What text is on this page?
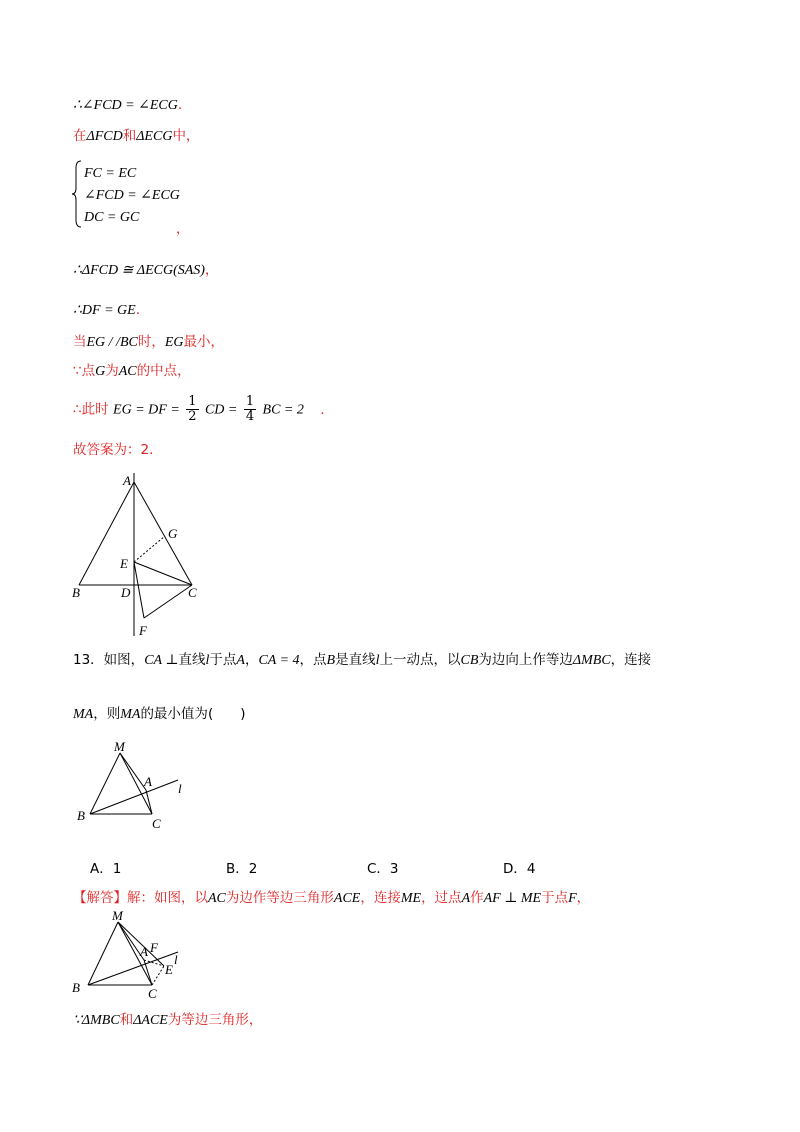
∴∠FCD = ∠ECG.
在ΔFCD和ΔECG中，
FC = EC
∠FCD = ∠ECG
DC = GC
，
∴ΔFCD ≅ ΔECG(SAS)，
∴DF = GE.
当EG / /BC时，EG最小，
∵点G为AC的中点，
∴此时 EG = DF = $\frac{1}{2}$ CD = $\frac{1}{4}$ BC = 2 .
故答案为：2.
A
G
E
B	D	C
F
13．如图，CA ⊥直线l于点A，CA = 4，点B是直线l上一动点，以CB为边向上作等边ΔMBC，连接
MA，则MA的最小值为(　　)
M
A l
B
C
A．1	B．2	C．3	D．4
【解答】解：如图，以AC为边作等边三角形ACE，连接ME，过点A作AF ⊥ ME于点F，
M
A F
l
E
B	C
∵ΔMBC和ΔACE为等边三角形，
